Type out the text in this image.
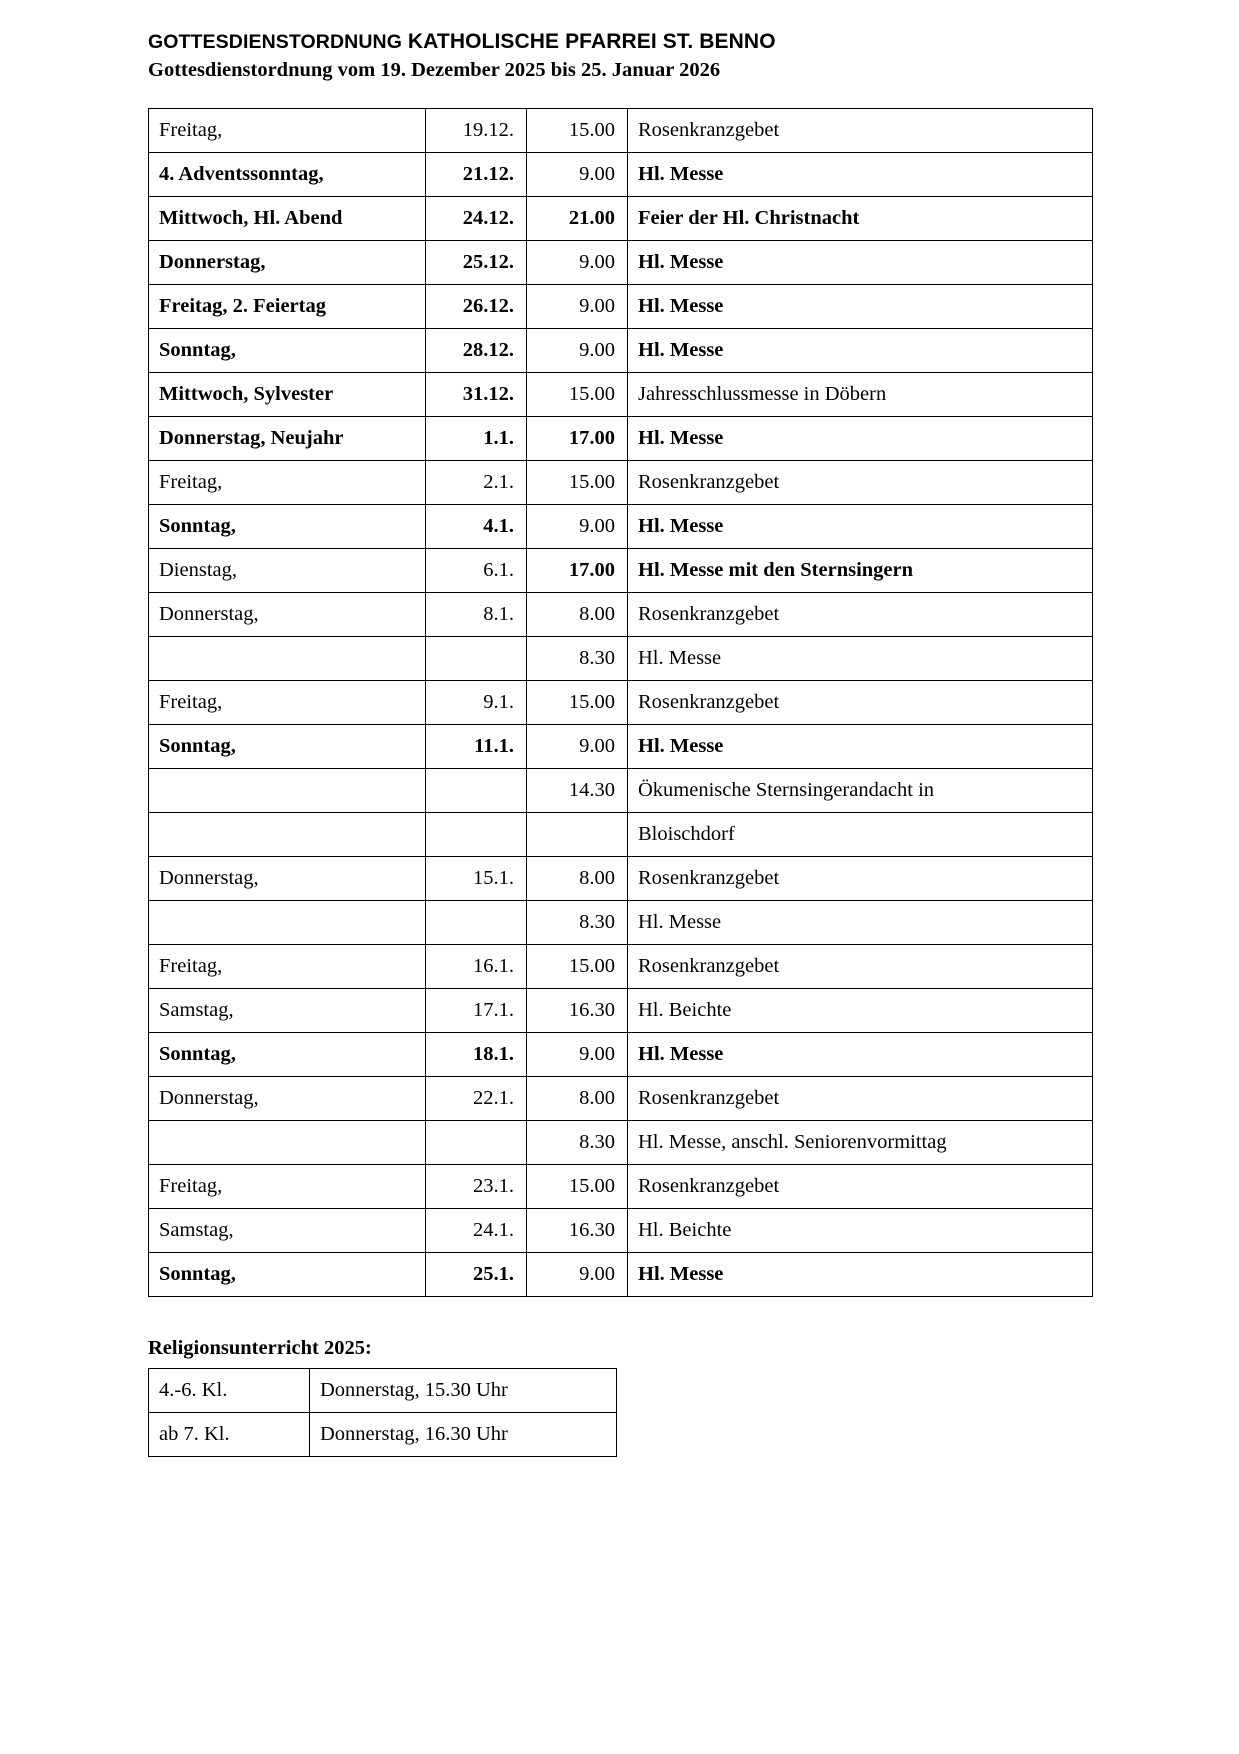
GOTTESDIENSTORDNUNG KATHOLISCHE PFARREI ST. BENNO
Gottesdienstordnung vom 19. Dezember 2025 bis 25. Januar 2026
Freitag,	19.12.	15.00	Rosenkranzgebet
4. Adventssonntag,	21.12.	9.00	Hl. Messe
Mittwoch, Hl. Abend	24.12.	21.00	Feier der Hl. Christnacht
Donnerstag,	25.12.	9.00	Hl. Messe
Freitag, 2. Feiertag	26.12.	9.00	Hl. Messe
Sonntag,	28.12.	9.00	Hl. Messe
Mittwoch, Sylvester	31.12.	15.00	Jahresschlussmesse in Döbern
Donnerstag, Neujahr	1.1.	17.00	Hl. Messe
Freitag,	2.1.	15.00	Rosenkranzgebet
Sonntag,	4.1.	9.00	Hl. Messe
Dienstag,	6.1.	17.00	Hl. Messe mit den Sternsingern
Donnerstag,	8.1.	8.00	Rosenkranzgebet
		8.30	Hl. Messe
Freitag,	9.1.	15.00	Rosenkranzgebet
Sonntag,	11.1.	9.00	Hl. Messe
		14.30	Ökumenische Sternsingerandacht in
			Bloischdorf
Donnerstag,	15.1.	8.00	Rosenkranzgebet
		8.30	Hl. Messe
Freitag,	16.1.	15.00	Rosenkranzgebet
Samstag,	17.1.	16.30	Hl. Beichte
Sonntag,	18.1.	9.00	Hl. Messe
Donnerstag,	22.1.	8.00	Rosenkranzgebet
		8.30	Hl. Messe, anschl. Seniorenvormittag
Freitag,	23.1.	15.00	Rosenkranzgebet
Samstag,	24.1.	16.30	Hl. Beichte
Sonntag,	25.1.	9.00	Hl. Messe
Religionsunterricht 2025:
4.-6. Kl.	Donnerstag, 15.30 Uhr
ab 7. Kl.	Donnerstag, 16.30 Uhr
